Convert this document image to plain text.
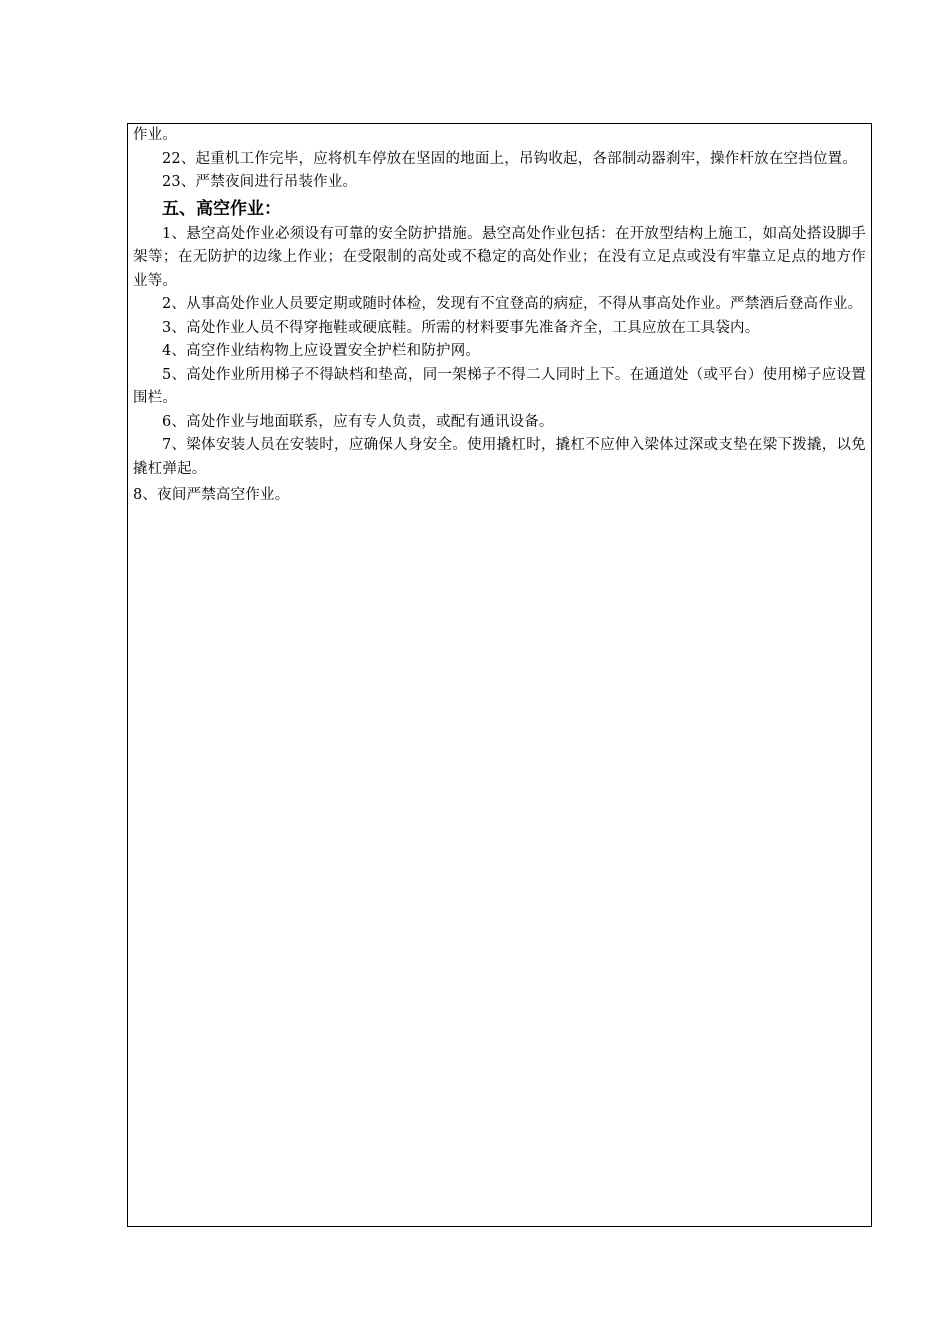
作业。

22、起重机工作完毕，应将机车停放在坚固的地面上，吊钩收起，各部制动器刹牢，操作杆放在空挡位置。

23、严禁夜间进行吊装作业。

五、高空作业：

1、悬空高处作业必须设有可靠的安全防护措施。悬空高处作业包括：在开放型结构上施工，如高处搭设脚手架等；在无防护的边缘上作业；在受限制的高处或不稳定的高处作业；在没有立足点或没有牢靠立足点的地方作业等。

2、从事高处作业人员要定期或随时体检，发现有不宜登高的病症，不得从事高处作业。严禁酒后登高作业。

3、高处作业人员不得穿拖鞋或硬底鞋。所需的材料要事先准备齐全，工具应放在工具袋内。

4、高空作业结构物上应设置安全护栏和防护网。

5、高处作业所用梯子不得缺档和垫高，同一架梯子不得二人同时上下。在通道处（或平台）使用梯子应设置围栏。

6、高处作业与地面联系，应有专人负责，或配有通讯设备。

7、梁体安装人员在安装时，应确保人身安全。使用撬杠时，撬杠不应伸入梁体过深或支垫在梁下拨撬，以免撬杠弹起。

8、夜间严禁高空作业。
